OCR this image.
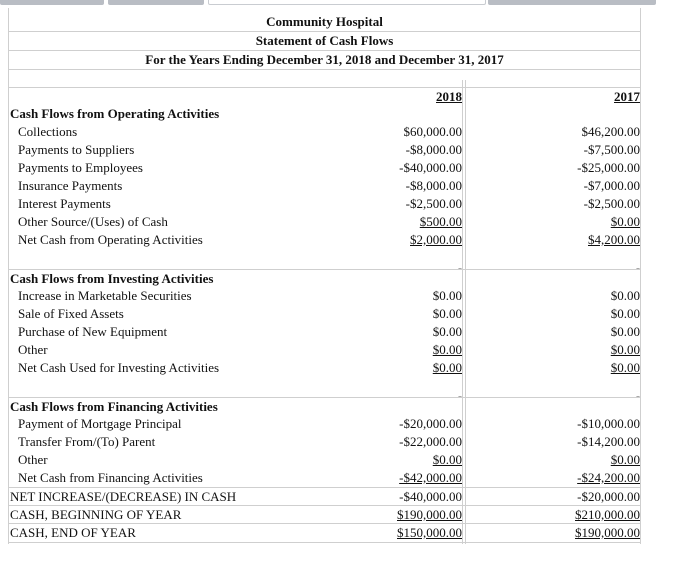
Community Hospital
Statement of Cash Flows
For the Years Ending December 31, 2018 and December 31, 2017
2018	2017
Cash Flows from Operating Activities
Collections	$60,000.00	$46,200.00
Payments to Suppliers	-$8,000.00	-$7,500.00
Payments to Employees	-$40,000.00	-$25,000.00
Insurance Payments	-$8,000.00	-$7,000.00
Interest Payments	-$2,500.00	-$2,500.00
Other Source/(Uses) of Cash	$500.00	$0.00
Net Cash from Operating Activities	$2,000.00	$4,200.00
-	-
Cash Flows from Investing Activities
Increase in Marketable Securities	$0.00	$0.00
Sale of Fixed Assets	$0.00	$0.00
Purchase of New Equipment	$0.00	$0.00
Other	$0.00	$0.00
Net Cash Used for Investing Activities	$0.00	$0.00
-	-
Cash Flows from Financing Activities
Payment of Mortgage Principal	-$20,000.00	-$10,000.00
Transfer From/(To) Parent	-$22,000.00	-$14,200.00
Other	$0.00	$0.00
Net Cash from Financing Activities	-$42,000.00	-$24,200.00
NET INCREASE/(DECREASE) IN CASH	-$40,000.00	-$20,000.00
CASH, BEGINNING OF YEAR	$190,000.00	$210,000.00
CASH, END OF YEAR	$150,000.00	$190,000.00
